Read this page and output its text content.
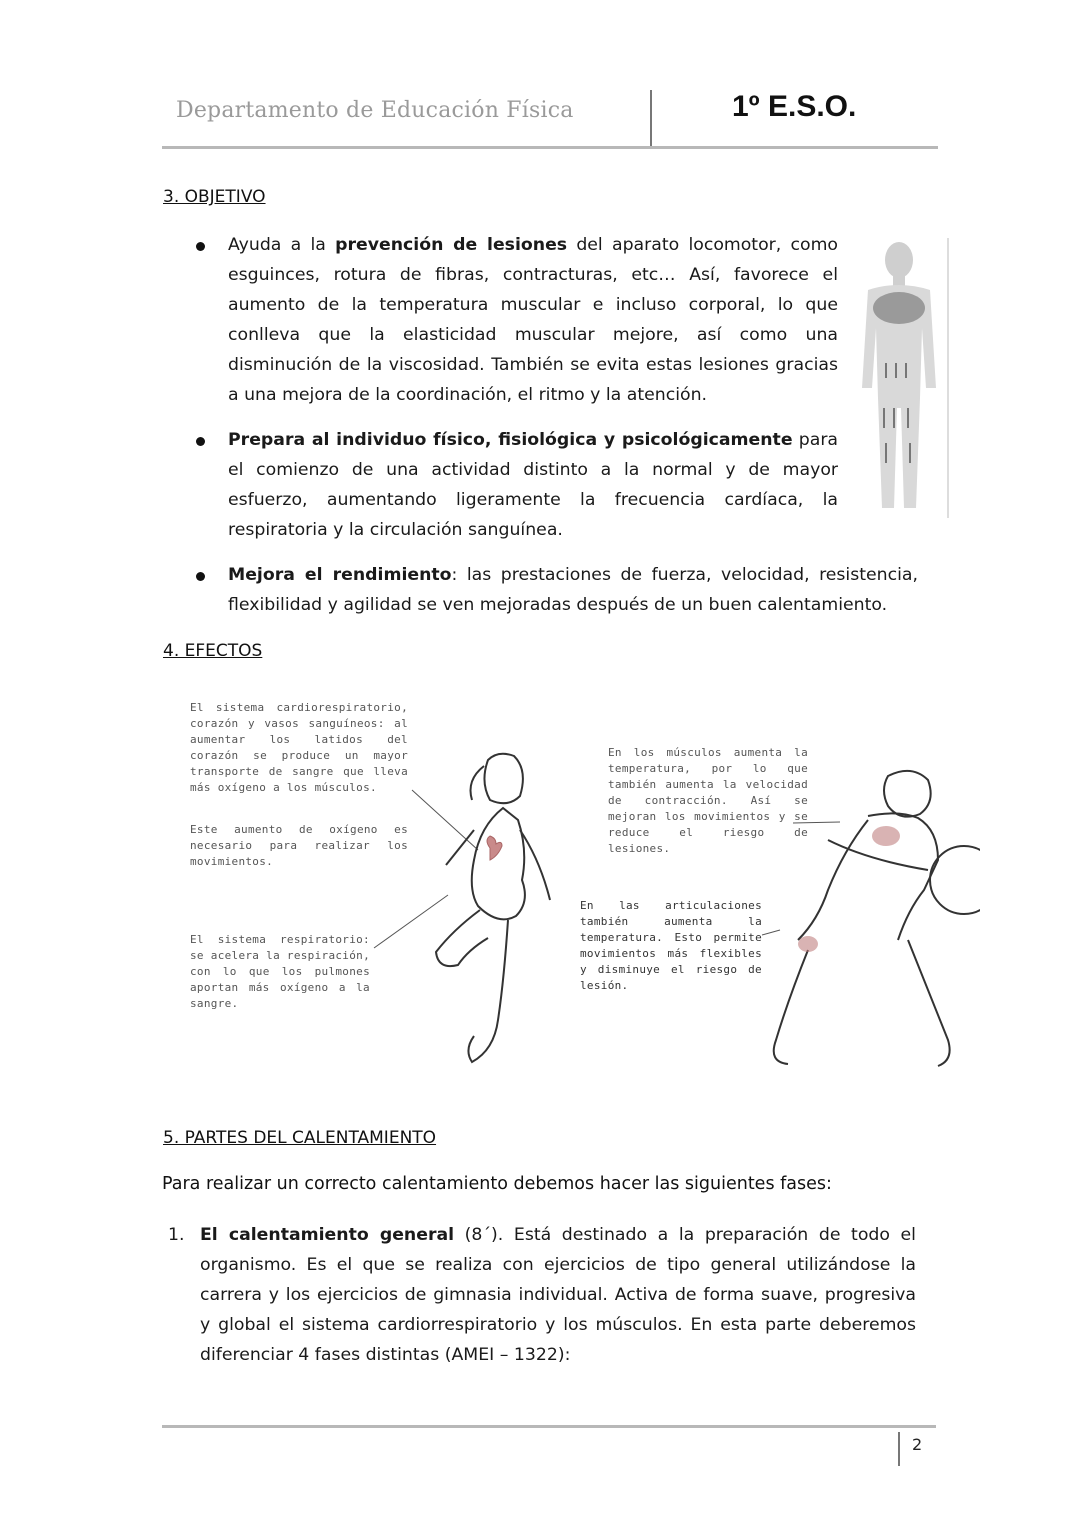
Departamento de Educación Física	1º E.S.O.
3. OBJETIVO
Ayuda a la prevención de lesiones del aparato locomotor, como esguinces, rotura de fibras, contracturas, etc… Así, favorece el aumento de la temperatura muscular e incluso corporal, lo que conlleva que la elasticidad muscular mejore, así como una disminución de la viscosidad. También se evita estas lesiones gracias a una mejora de la coordinación, el ritmo y la atención.
Prepara al individuo físico, fisiológica y psicológicamente para el comienzo de una actividad distinto a la normal y de mayor esfuerzo, aumentando ligeramente la frecuencia cardíaca, la respiratoria y la circulación sanguínea.
Mejora el rendimiento: las prestaciones de fuerza, velocidad, resistencia, flexibilidad y agilidad se ven mejoradas después de un buen calentamiento.
4. EFECTOS
El sistema cardiorespiratorio, corazón y vasos sanguíneos: al aumentar los latidos del corazón se produce un mayor transporte de sangre que lleva más oxígeno a los músculos.
Este aumento de oxígeno es necesario para realizar los movimientos.
El sistema respiratorio: se acelera la respiración, con lo que los pulmones aportan más oxígeno a la sangre.
En los músculos aumenta la temperatura, por lo que también aumenta la velocidad de contracción. Así se mejoran los movimientos y se reduce el riesgo de lesiones.
En las articulaciones también aumenta la temperatura. Esto permite movimientos más flexibles y disminuye el riesgo de lesión.
5. PARTES DEL CALENTAMIENTO
Para realizar un correcto calentamiento debemos hacer las siguientes fases:
1. El calentamiento general (8´). Está destinado a la preparación de todo el organismo. Es el que se realiza con ejercicios de tipo general utilizándose la carrera y los ejercicios de gimnasia individual. Activa de forma suave, progresiva y global el sistema cardiorrespiratorio y los músculos. En esta parte deberemos diferenciar 4 fases distintas (AMEI – 1322):
2
